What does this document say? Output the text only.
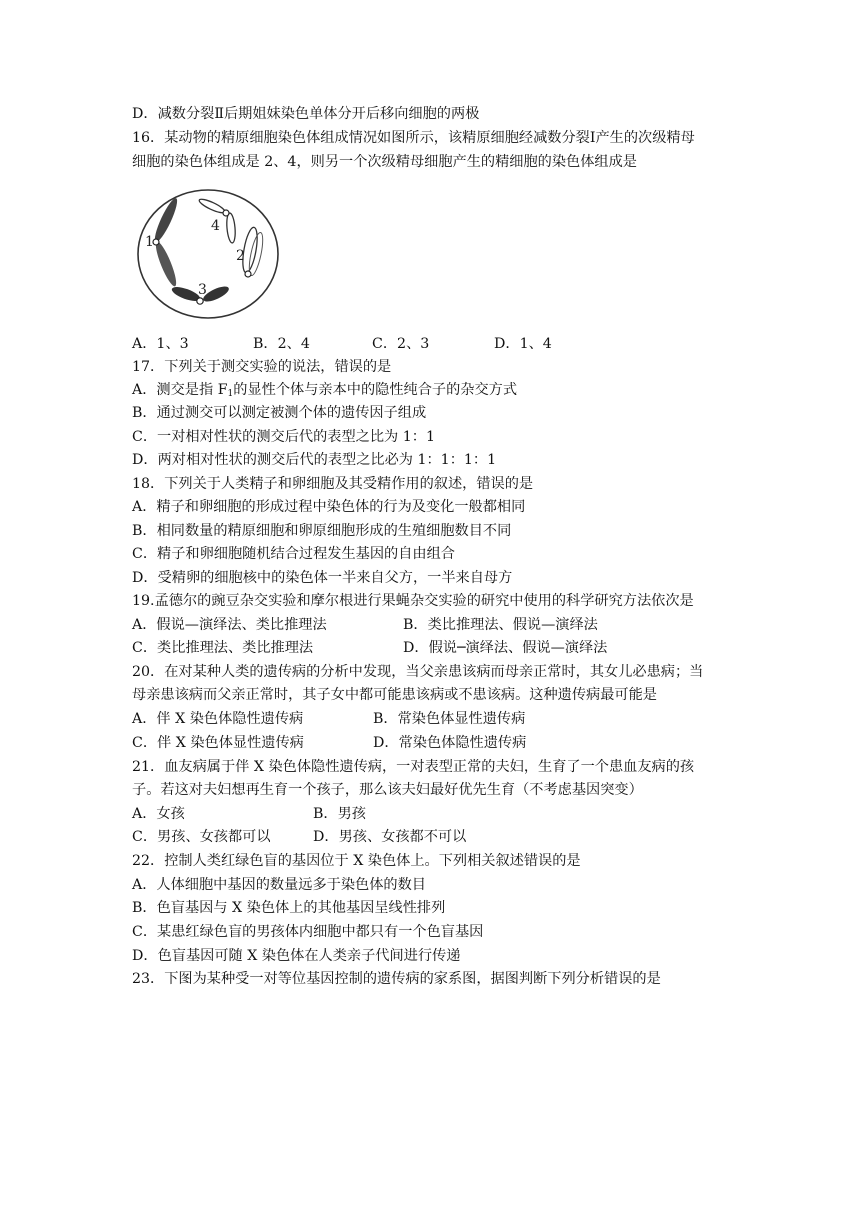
D．减数分裂Ⅱ后期姐妹染色单体分开后移向细胞的两极
16．某动物的精原细胞染色体组成情况如图所示，该精原细胞经减数分裂Ⅰ产生的次级精母
细胞的染色体组成是 2、4，则另一个次级精母细胞产生的精细胞的染色体组成是
1
2
3
4
A．1、3	B．2、4	C．2、3	D．1、4
17．下列关于测交实验的说法，错误的是
A．测交是指 $F_1$的显性个体与亲本中的隐性纯合子的杂交方式
B．通过测交可以测定被测个体的遗传因子组成
C．一对相对性状的测交后代的表型之比为 1：1
D．两对相对性状的测交后代的表型之比必为 1：1：1：1
18．下列关于人类精子和卵细胞及其受精作用的叙述，错误的是
A．精子和卵细胞的形成过程中染色体的行为及变化一般都相同
B．相同数量的精原细胞和卵原细胞形成的生殖细胞数目不同
C．精子和卵细胞随机结合过程发生基因的自由组合
D．受精卵的细胞核中的染色体一半来自父方，一半来自母方
19.孟德尔的豌豆杂交实验和摩尔根进行果蝇杂交实验的研究中使用的科学研究方法依次是
A．假说—演绎法、类比推理法	B．类比推理法、假说—演绎法
C．类比推理法、类比推理法	D．假说─演绎法、假说—演绎法
20．在对某种人类的遗传病的分析中发现，当父亲患该病而母亲正常时，其女儿必患病；当
母亲患该病而父亲正常时，其子女中都可能患该病或不患该病。这种遗传病最可能是
A．伴 X 染色体隐性遗传病	B．常染色体显性遗传病
C．伴 X 染色体显性遗传病	D．常染色体隐性遗传病
21．血友病属于伴 X 染色体隐性遗传病，一对表型正常的夫妇，生育了一个患血友病的孩
子。若这对夫妇想再生育一个孩子，那么该夫妇最好优先生育（不考虑基因突变）
A．女孩	B．男孩
C．男孩、女孩都可以	D．男孩、女孩都不可以
22．控制人类红绿色盲的基因位于 X 染色体上。下列相关叙述错误的是
A．人体细胞中基因的数量远多于染色体的数目
B．色盲基因与 X 染色体上的其他基因呈线性排列
C．某患红绿色盲的男孩体内细胞中都只有一个色盲基因
D．色盲基因可随 X 染色体在人类亲子代间进行传递
23．下图为某种受一对等位基因控制的遗传病的家系图，据图判断下列分析错误的是
